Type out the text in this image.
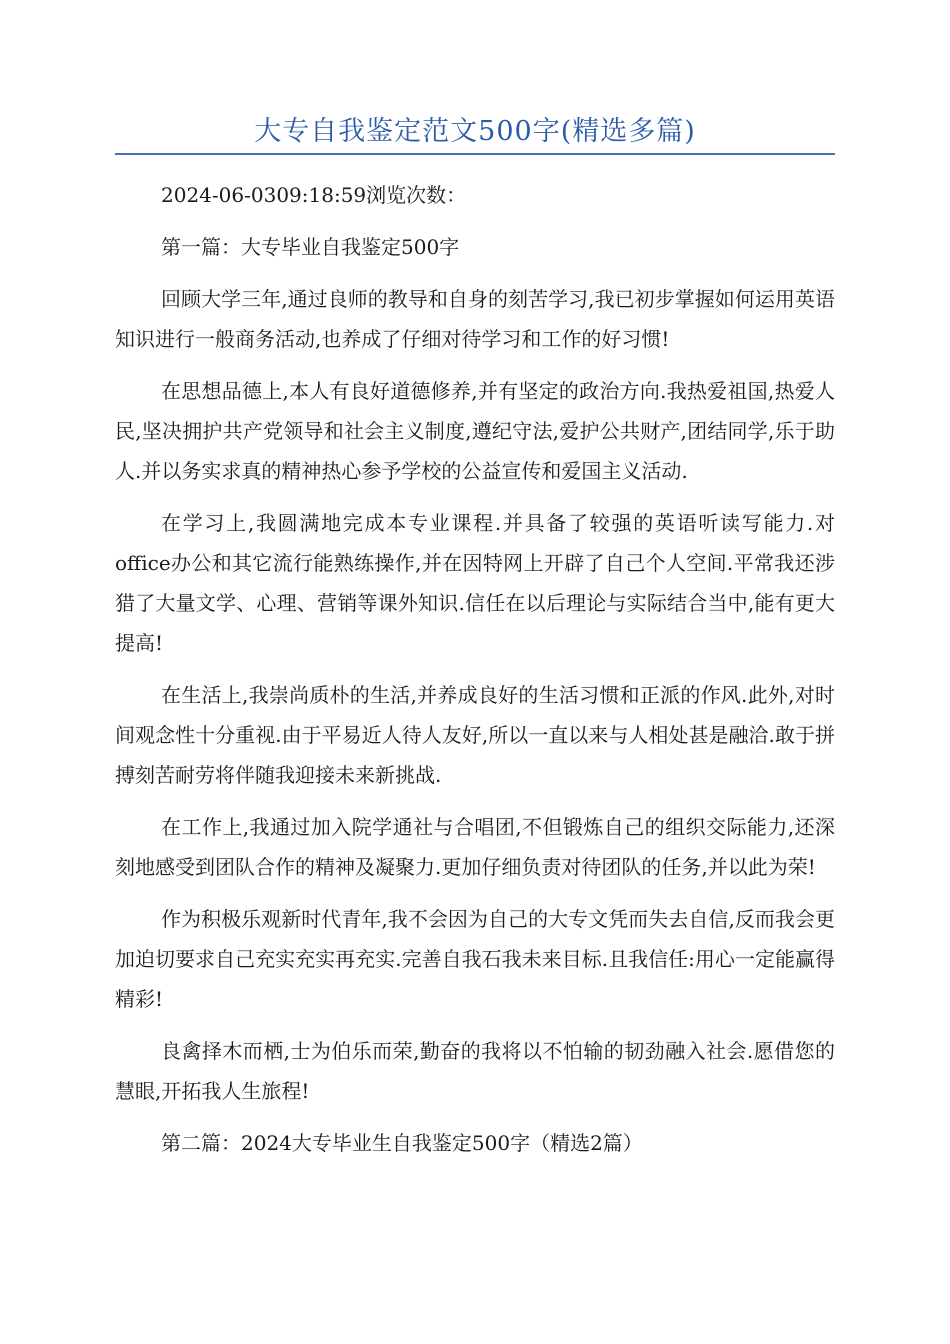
大专自我鉴定范文500字(精选多篇)

2024-06-0309:18:59浏览次数：

第一篇：大专毕业自我鉴定500字

回顾大学三年,通过良师的教导和自身的刻苦学习,我已初步掌握如何运用英语知识进行一般商务活动,也养成了仔细对待学习和工作的好习惯!

在思想品德上,本人有良好道德修养,并有坚定的政治方向.我热爱祖国,热爱人民,坚决拥护共产党领导和社会主义制度,遵纪守法,爱护公共财产,团结同学,乐于助人.并以务实求真的精神热心参予学校的公益宣传和爱国主义活动.

在学习上,我圆满地完成本专业课程.并具备了较强的英语听读写能力.对office办公和其它流行能熟练操作,并在因特网上开辟了自己个人空间.平常我还涉猎了大量文学、心理、营销等课外知识.信任在以后理论与实际结合当中,能有更大提高!

在生活上,我崇尚质朴的生活,并养成良好的生活习惯和正派的作风.此外,对时间观念性十分重视.由于平易近人待人友好,所以一直以来与人相处甚是融洽.敢于拼搏刻苦耐劳将伴随我迎接未来新挑战.

在工作上,我通过加入院学通社与合唱团,不但锻炼自己的组织交际能力,还深刻地感受到团队合作的精神及凝聚力.更加仔细负责对待团队的任务,并以此为荣!

作为积极乐观新时代青年,我不会因为自己的大专文凭而失去自信,反而我会更加迫切要求自己充实充实再充实.完善自我石我未来目标.且我信任:用心一定能赢得精彩!

良禽择木而栖,士为伯乐而荣,勤奋的我将以不怕输的韧劲融入社会.愿借您的慧眼,开拓我人生旅程!

第二篇：2024大专毕业生自我鉴定500字（精选2篇）
